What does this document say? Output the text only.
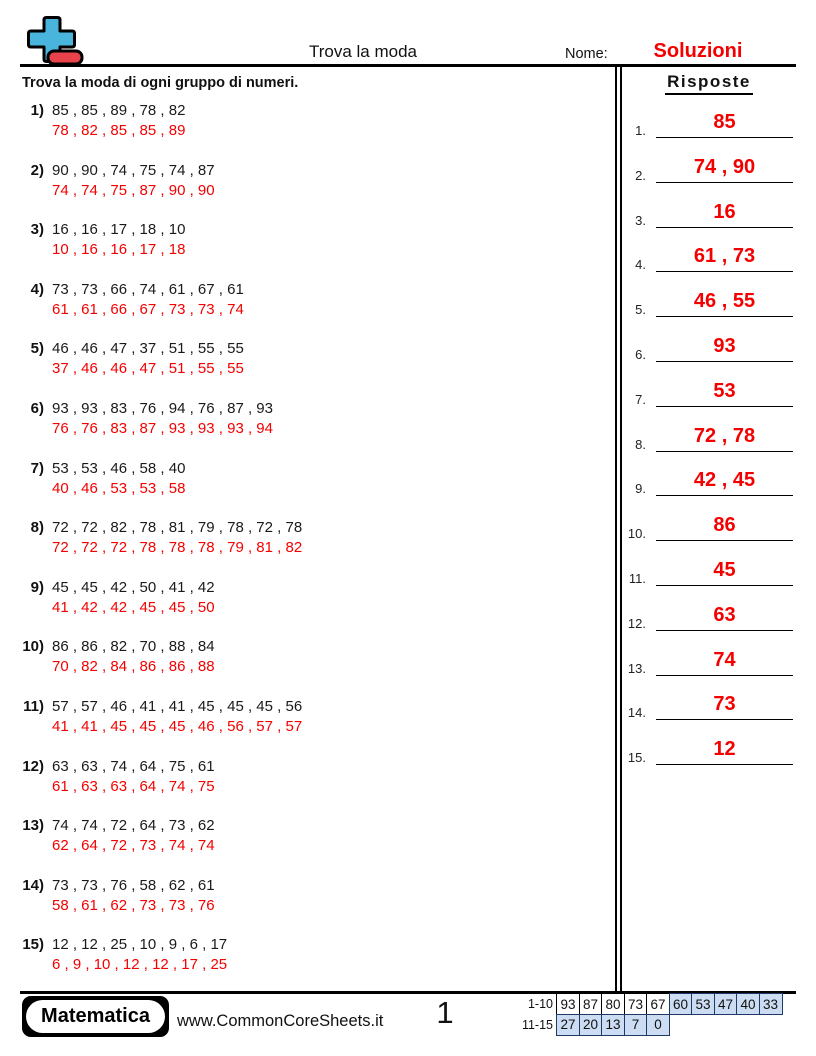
Trova la moda	Nome:	Soluzioni
Trova la moda di ogni gruppo di numeri.
1) 85 , 85 , 89 , 78 , 82
78 , 82 , 85 , 85 , 89
2) 90 , 90 , 74 , 75 , 74 , 87
74 , 74 , 75 , 87 , 90 , 90
3) 16 , 16 , 17 , 18 , 10
10 , 16 , 16 , 17 , 18
4) 73 , 73 , 66 , 74 , 61 , 67 , 61
61 , 61 , 66 , 67 , 73 , 73 , 74
5) 46 , 46 , 47 , 37 , 51 , 55 , 55
37 , 46 , 46 , 47 , 51 , 55 , 55
6) 93 , 93 , 83 , 76 , 94 , 76 , 87 , 93
76 , 76 , 83 , 87 , 93 , 93 , 93 , 94
7) 53 , 53 , 46 , 58 , 40
40 , 46 , 53 , 53 , 58
8) 72 , 72 , 82 , 78 , 81 , 79 , 78 , 72 , 78
72 , 72 , 72 , 78 , 78 , 78 , 79 , 81 , 82
9) 45 , 45 , 42 , 50 , 41 , 42
41 , 42 , 42 , 45 , 45 , 50
10) 86 , 86 , 82 , 70 , 88 , 84
70 , 82 , 84 , 86 , 86 , 88
11) 57 , 57 , 46 , 41 , 41 , 45 , 45 , 45 , 56
41 , 41 , 45 , 45 , 45 , 46 , 56 , 57 , 57
12) 63 , 63 , 74 , 64 , 75 , 61
61 , 63 , 63 , 64 , 74 , 75
13) 74 , 74 , 72 , 64 , 73 , 62
62 , 64 , 72 , 73 , 74 , 74
14) 73 , 73 , 76 , 58 , 62 , 61
58 , 61 , 62 , 73 , 73 , 76
15) 12 , 12 , 25 , 10 , 9 , 6 , 17
6 , 9 , 10 , 12 , 12 , 17 , 25
Risposte
1.	85
2.	74 , 90
3.	16
4.	61 , 73
5.	46 , 55
6.	93
7.	53
8.	72 , 78
9.	42 , 45
10.	86
11.	45
12.	63
13.	74
14.	73
15.	12
Matematica	www.CommonCoreSheets.it	1	1-10 93 87 80 73 67 60 53 47 40 33
11-15 27 20 13 7	0
